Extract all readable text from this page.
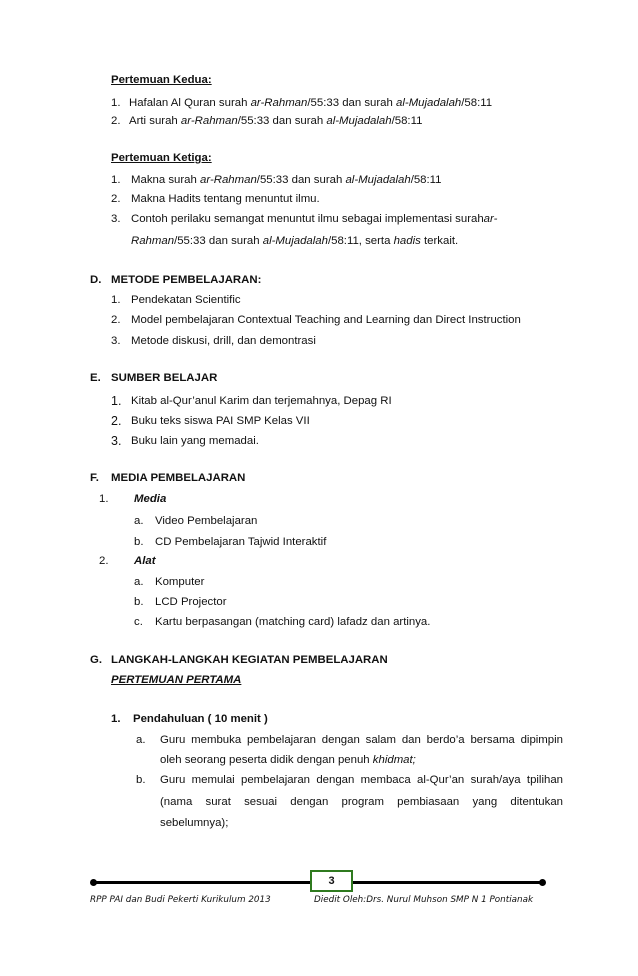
Pertemuan Kedua:
1. Hafalan Al Quran surah ar-Rahman/55:33 dan surah al-Mujadalah/58:11
2. Arti surah ar-Rahman/55:33 dan surah al-Mujadalah/58:11
Pertemuan Ketiga:
1. Makna surah ar-Rahman/55:33 dan surah al-Mujadalah/58:11
2. Makna Hadits tentang menuntut ilmu.
3. Contoh perilaku semangat menuntut ilmu sebagai implementasi surahar-
Rahman/55:33 dan surah al-Mujadalah/58:11, serta hadis terkait.
D. METODE PEMBELAJARAN:
1. Pendekatan Scientific
2. Model pembelajaran Contextual Teaching and Learning dan Direct Instruction
3. Metode diskusi, drill, dan demontrasi
E. SUMBER BELAJAR
1. Kitab al-Qur’anul Karim dan terjemahnya, Depag RI
2. Buku teks siswa PAI SMP Kelas VII
3. Buku lain yang memadai.
F. MEDIA PEMBELAJARAN
1. Media
a. Video Pembelajaran
b. CD Pembelajaran Tajwid Interaktif
2. Alat
a. Komputer
b. LCD Projector
c. Kartu berpasangan (matching card) lafadz dan artinya.
G. LANGKAH-LANGKAH KEGIATAN PEMBELAJARAN
PERTEMUAN PERTAMA
1. Pendahuluan ( 10 menit )
a. Guru membuka pembelajaran dengan salam dan berdo’a bersama dipimpin
oleh seorang peserta didik dengan penuh khidmat;
b. Guru memulai pembelajaran dengan membaca al-Qur’an surah/aya tpilihan
(nama surat sesuai dengan program pembiasaan yang ditentukan
sebelumnya);
3
RPP PAI dan Budi Pekerti Kurikulum 2013	Diedit Oleh:Drs. Nurul Muhson SMP N 1 Pontianak
